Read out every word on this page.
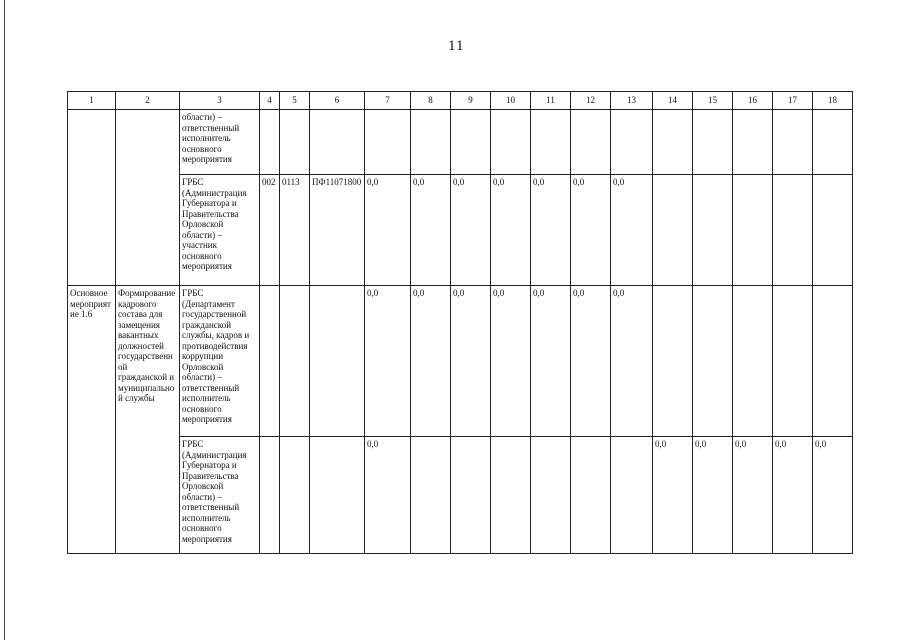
11
1	2	3	4	5	6	7	8	9	10	11	12	13	14	15	16	17	18
		области) – ответственный исполнитель основного мероприятия															
		ГРБС (Администрация Губернатора и Правительства Орловской области) – участник основного мероприятия	002	0113	ПФ11071800	0,0	0,0	0,0	0,0	0,0	0,0	0,0					
Основное мероприятие 1.6	Формирование кадрового состава для замещения вакантных должностей государственной гражданской и муниципальной службы	ГРБС (Департамент государственной гражданской службы, кадров и противодействия коррупции Орловской области) – ответственный исполнитель основного мероприятия				0,0	0,0	0,0	0,0	0,0	0,0	0,0					
		ГРБС (Администрация Губернатора и Правительства Орловской области) – ответственный исполнитель основного мероприятия				0,0							0,0	0,0	0,0	0,0	0,0
